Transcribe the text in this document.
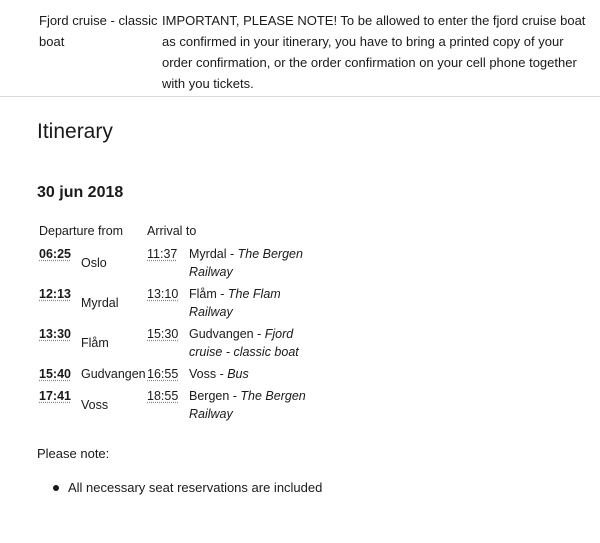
Fjord cruise - classic boat
IMPORTANT, PLEASE NOTE! To be allowed to enter the fjord cruise boat as confirmed in your itinerary, you have to bring a printed copy of your order confirmation, or the order confirmation on your cell phone together with you tickets.
Itinerary
30 jun 2018
Departure from Arrival to
06:25
Oslo
11:37 Myrdal - The Bergen Railway
12:13
Myrdal
13:10 Flåm - The Flam Railway
13:30
Flåm
15:30 Gudvangen - Fjord cruise - classic boat
15:40 Gudvangen 16:55 Voss - Bus
17:41
Voss
18:55 Bergen - The Bergen Railway
Please note:
All necessary seat reservations are included
